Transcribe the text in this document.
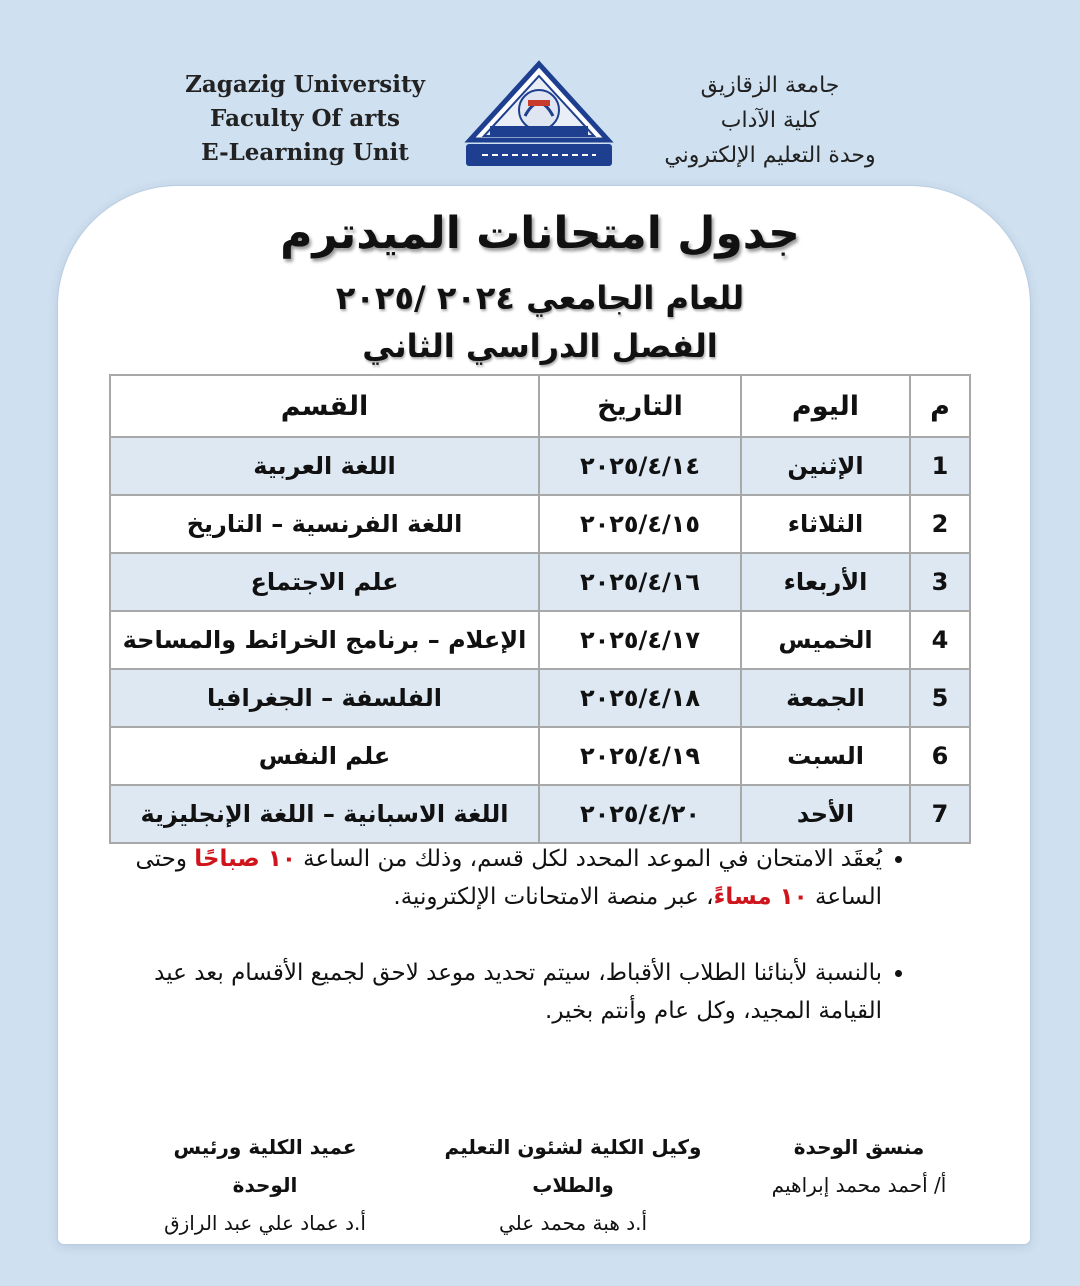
Zagazig University
Faculty Of arts
E-Learning Unit
جامعة الزقازيق
كلية الآداب
وحدة التعليم الإلكتروني
جدول امتحانات الميدترم
للعام الجامعي ٢٠٢٤ /٢٠٢٥
الفصل الدراسي الثاني
م	اليوم	التاريخ	القسم
1	الإثنين	٢٠٢٥/٤/١٤	اللغة العربية
2	الثلاثاء	٢٠٢٥/٤/١٥	اللغة الفرنسية – التاريخ
3	الأربعاء	٢٠٢٥/٤/١٦	علم الاجتماع
4	الخميس	٢٠٢٥/٤/١٧	الإعلام – برنامج الخرائط والمساحة
5	الجمعة	٢٠٢٥/٤/١٨	الفلسفة – الجغرافيا
6	السبت	٢٠٢٥/٤/١٩	علم النفس
7	الأحد	٢٠٢٥/٤/٢٠	اللغة الاسبانية – اللغة الإنجليزية
• يُعقَد الامتحان في الموعد المحدد لكل قسم، وذلك من الساعة ١٠ صباحًا وحتى الساعة ١٠ مساءً، عبر منصة الامتحانات الإلكترونية.
• بالنسبة لأبنائنا الطلاب الأقباط، سيتم تحديد موعد لاحق لجميع الأقسام بعد عيد القيامة المجيد، وكل عام وأنتم بخير.
منسق الوحدة
أ/ أحمد محمد إبراهيم
وكيل الكلية لشئون التعليم والطلاب
أ.د هبة محمد علي
عميد الكلية ورئيس الوحدة
أ.د عماد علي عبد الرازق
